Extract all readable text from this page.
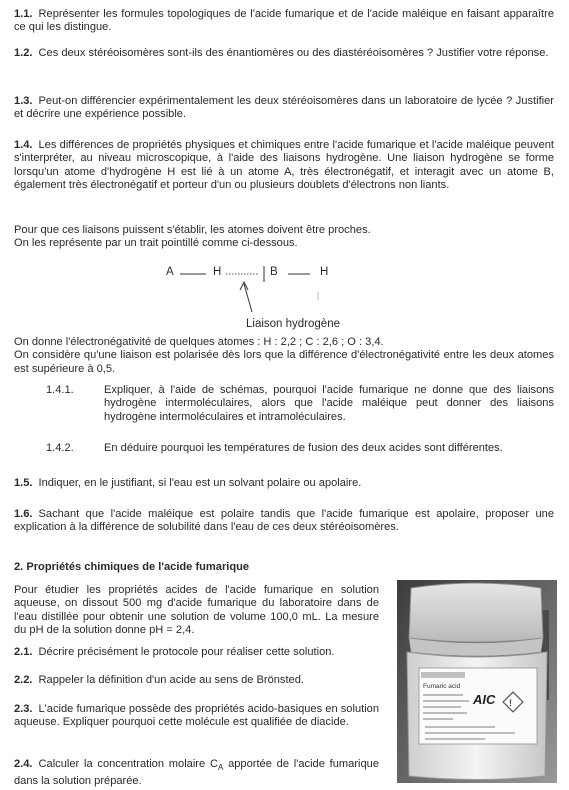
1.1. Représenter les formules topologiques de l'acide fumarique et de l'acide maléique en faisant apparaître ce qui les distingue.

1.2. Ces deux stéréoisomères sont-ils des énantiomères ou des diastéréoisomères ? Justifier votre réponse.

1.3. Peut-on différencier expérimentalement les deux stéréoisomères dans un laboratoire de lycée ? Justifier et décrire une expérience possible.

1.4. Les différences de propriétés physiques et chimiques entre l'acide fumarique et l'acide maléique peuvent s'interpréter, au niveau microscopique, à l'aide des liaisons hydrogène. Une liaison hydrogène se forme lorsqu'un atome d'hydrogène H est lié à un atome A, très électronégatif, et interagit avec un atome B, également très électronégatif et porteur d'un ou plusieurs doublets d'électrons non liants.

Pour que ces liaisons puissent s'établir, les atomes doivent être proches.
On les représente par un trait pointillé comme ci-dessous.
A	H	B	H
Liaison hydrogène
On donne l'électronégativité de quelques atomes : H : 2,2 ; C : 2,6 ; O : 3,4.
On considère qu'une liaison est polarisée dès lors que la différence d'électronégativité entre les deux atomes est supérieure à 0,5.
1.4.1.	Expliquer, à l'aide de schémas, pourquoi l'acide fumarique ne donne que des liaisons hydrogène intermoléculaires, alors que l'acide maléique peut donner des liaisons hydrogène intermoléculaires et intramoléculaires.
1.4.2.	En déduire pourquoi les températures de fusion des deux acides sont différentes.

1.5. Indiquer, en le justifiant, si l'eau est un solvant polaire ou apolaire.

1.6. Sachant que l'acide maléique est polaire tandis que l'acide fumarique est apolaire, proposer une explication à la différence de solubilité dans l'eau de ces deux stéréoisomères.

2. Propriétés chimiques de l'acide fumarique

Pour étudier les propriétés acides de l'acide fumarique en solution aqueuse, on dissout 500 mg d'acide fumarique du laboratoire dans de l'eau distillée pour obtenir une solution de volume 100,0 mL. La mesure du pH de la solution donne pH = 2,4.

2.1. Décrire précisément le protocole pour réaliser cette solution.

2.2. Rappeler la définition d'un acide au sens de Brönsted.

2.3. L'acide fumarique possède des propriétés acido-basiques en solution aqueuse. Expliquer pourquoi cette molécule est qualifiée de diacide.

2.4. Calculer la concentration molaire $C_A$ apportée de l'acide fumarique dans la solution préparée.

Fumaric acid
AIC !
